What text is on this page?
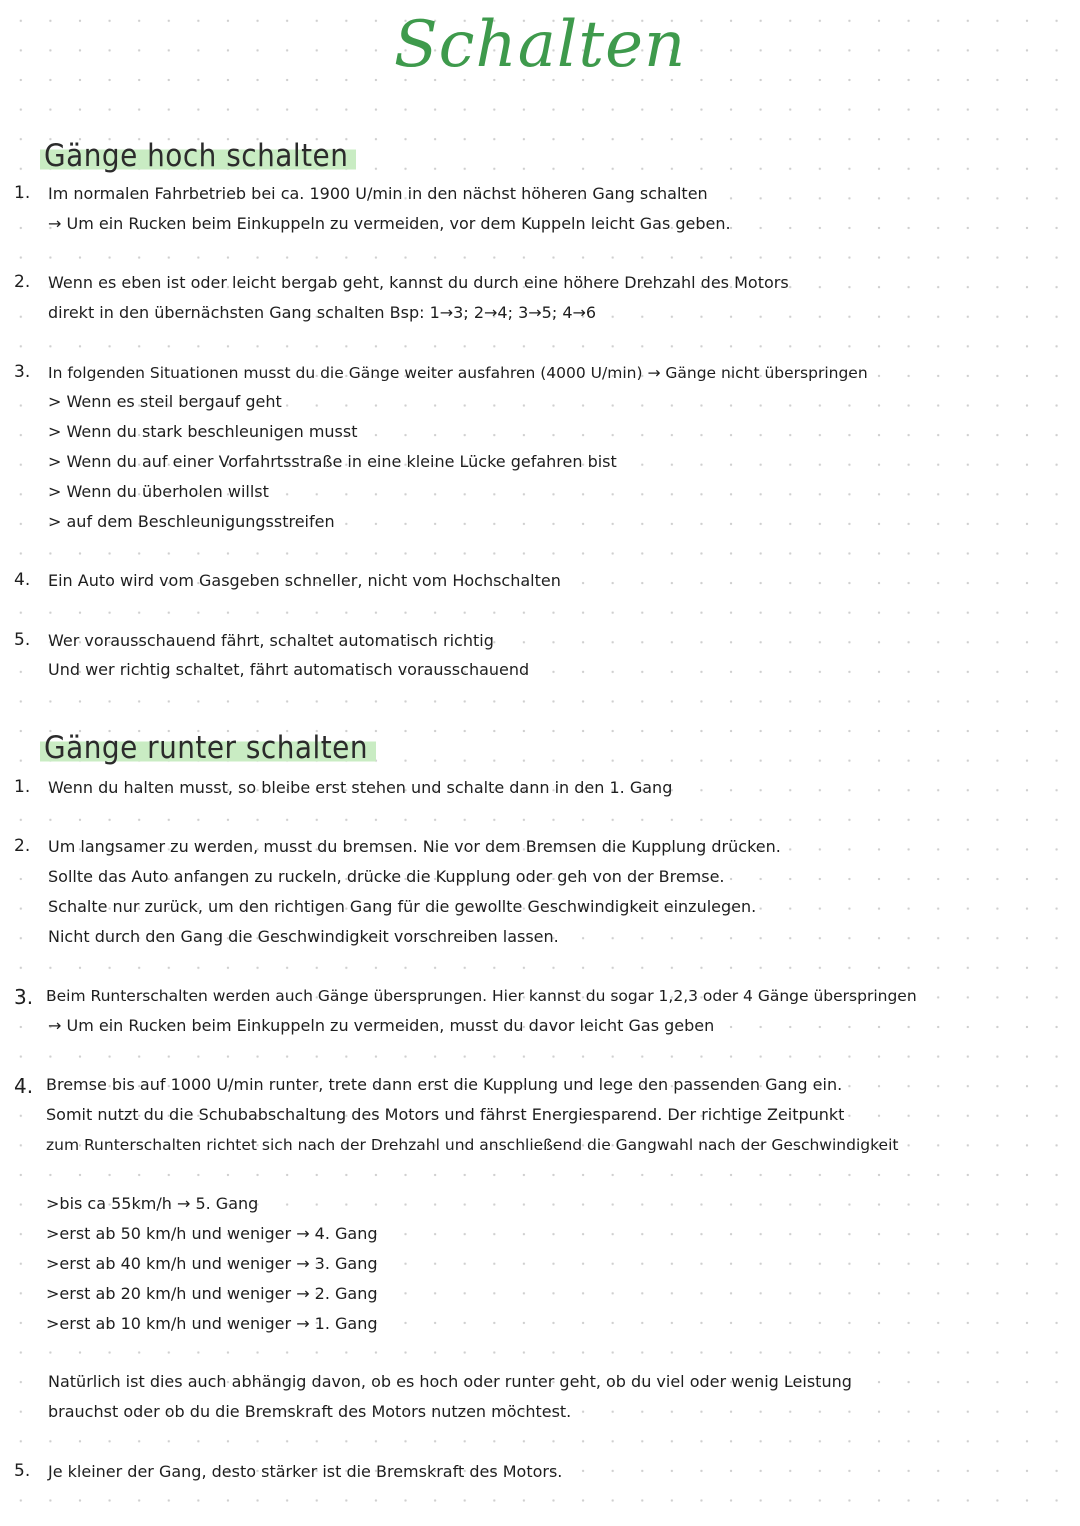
Schalten
Gänge hoch schalten
1. Im normalen Fahrbetrieb bei ca. 1900 U/min in den nächst höheren Gang schalten
→ Um ein Rucken beim Einkuppeln zu vermeiden, vor dem Kuppeln leicht Gas geben.
2. Wenn es eben ist oder leicht bergab geht, kannst du durch eine höhere Drehzahl des Motors
direkt in den übernächsten Gang schalten Bsp: 1→3; 2→4; 3→5; 4→6
3. In folgenden Situationen musst du die Gänge weiter ausfahren (4000 U/min) → Gänge nicht überspringen
> Wenn es steil bergauf geht
> Wenn du stark beschleunigen musst
> Wenn du auf einer Vorfahrtsstraße in eine kleine Lücke gefahren bist
> Wenn du überholen willst
> auf dem Beschleunigungsstreifen
4. Ein Auto wird vom Gasgeben schneller, nicht vom Hochschalten
5. Wer vorausschauend fährt, schaltet automatisch richtig
Und wer richtig schaltet, fährt automatisch vorausschauend
Gänge runter schalten
1. Wenn du halten musst, so bleibe erst stehen und schalte dann in den 1. Gang
2. Um langsamer zu werden, musst du bremsen. Nie vor dem Bremsen die Kupplung drücken.
Sollte das Auto anfangen zu ruckeln, drücke die Kupplung oder geh von der Bremse.
Schalte nur zurück, um den richtigen Gang für die gewollte Geschwindigkeit einzulegen.
Nicht durch den Gang die Geschwindigkeit vorschreiben lassen.
3. Beim Runterschalten werden auch Gänge übersprungen. Hier kannst du sogar 1,2,3 oder 4 Gänge überspringen
→ Um ein Rucken beim Einkuppeln zu vermeiden, musst du davor leicht Gas geben
4. Bremse bis auf 1000 U/min runter, trete dann erst die Kupplung und lege den passenden Gang ein.
Somit nutzt du die Schubabschaltung des Motors und fährst Energiesparend. Der richtige Zeitpunkt
zum Runterschalten richtet sich nach der Drehzahl und anschließend die Gangwahl nach der Geschwindigkeit
>bis ca 55km/h → 5. Gang
>erst ab 50 km/h und weniger → 4. Gang
>erst ab 40 km/h und weniger → 3. Gang
>erst ab 20 km/h und weniger → 2. Gang
>erst ab 10 km/h und weniger → 1. Gang
Natürlich ist dies auch abhängig davon, ob es hoch oder runter geht, ob du viel oder wenig Leistung
brauchst oder ob du die Bremskraft des Motors nutzen möchtest.
5. Je kleiner der Gang, desto stärker ist die Bremskraft des Motors.
